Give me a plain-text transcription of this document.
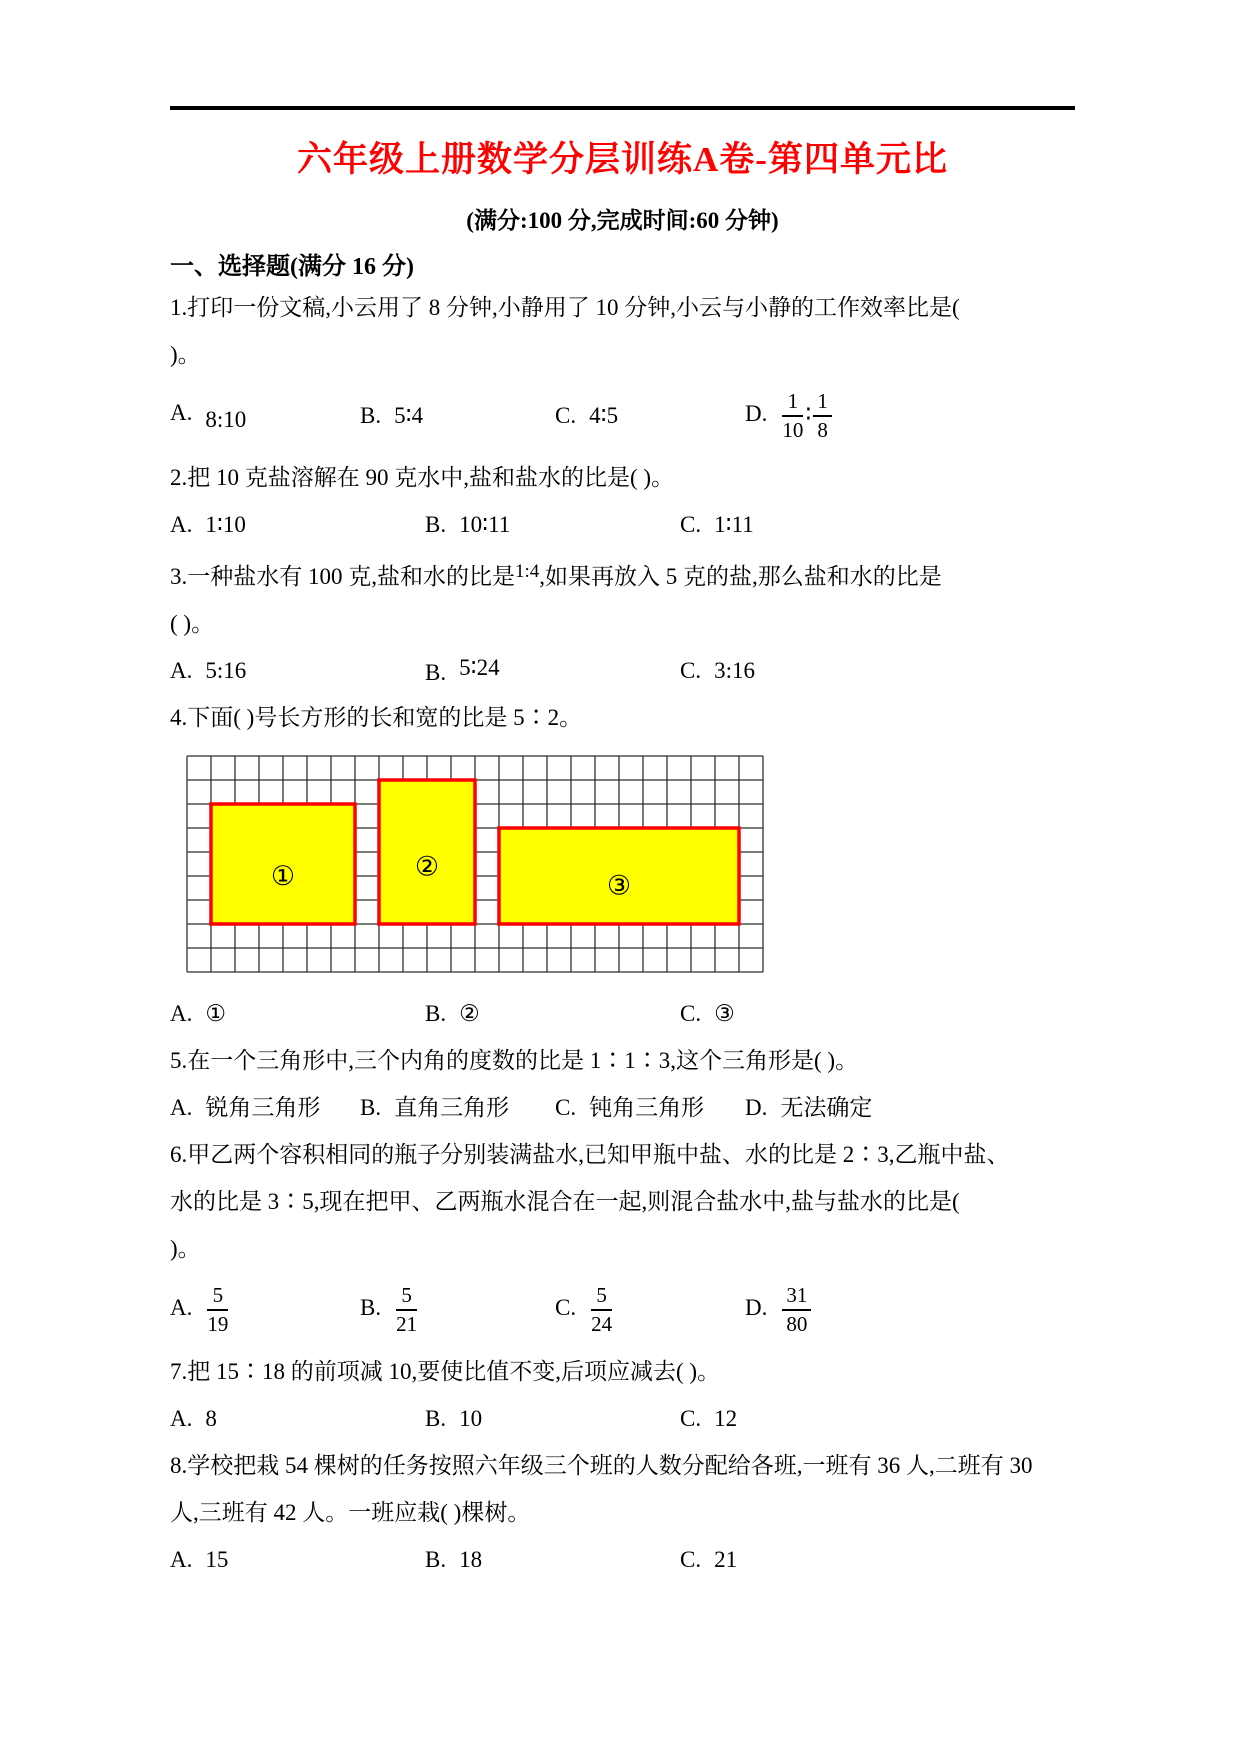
六年级上册数学分层训练A卷-第四单元比
(满分:100 分,完成时间:60 分钟)
一、选择题(满分 16 分)
1.打印一份文稿,小云用了 8 分钟,小静用了 10 分钟,小云与小静的工作效率比是(
)。
A. 8:10	B. 5∶4	C. 4∶5	D. $\frac{1}{10}$ ∶ $\frac{1}{8}$
2.把 10 克盐溶解在 90 克水中,盐和盐水的比是( )。
A. 1∶10	B. 10∶11	C. 1∶11
3.一种盐水有 100 克,盐和水的比是$^{1:4}$,如果再放入 5 克的盐,那么盐和水的比是
( )。
A. 5:16	B. 5∶24	C. 3:16
4.下面( )号长方形的长和宽的比是 5∶2。
①	②
③
A. ①	B. ②	C. ③
5.在一个三角形中,三个内角的度数的比是 1∶1∶3,这个三角形是( )。
A. 锐角三角形	B. 直角三角形	C. 钝角三角形	D. 无法确定
6.甲乙两个容积相同的瓶子分别装满盐水,已知甲瓶中盐、水的比是 2∶3,乙瓶中盐、
水的比是 3∶5,现在把甲、乙两瓶水混合在一起,则混合盐水中,盐与盐水的比是(
)。
A. $\frac{5}{19}$	B. $\frac{5}{21}$	C. $\frac{5}{24}$	D. $\frac{31}{80}$
7.把 15∶18 的前项减 10,要使比值不变,后项应减去( )。
A. 8	B. 10	C. 12
8.学校把栽 54 棵树的任务按照六年级三个班的人数分配给各班,一班有 36 人,二班有 30
人,三班有 42 人。一班应栽( )棵树。
A. 15	B. 18	C. 21
